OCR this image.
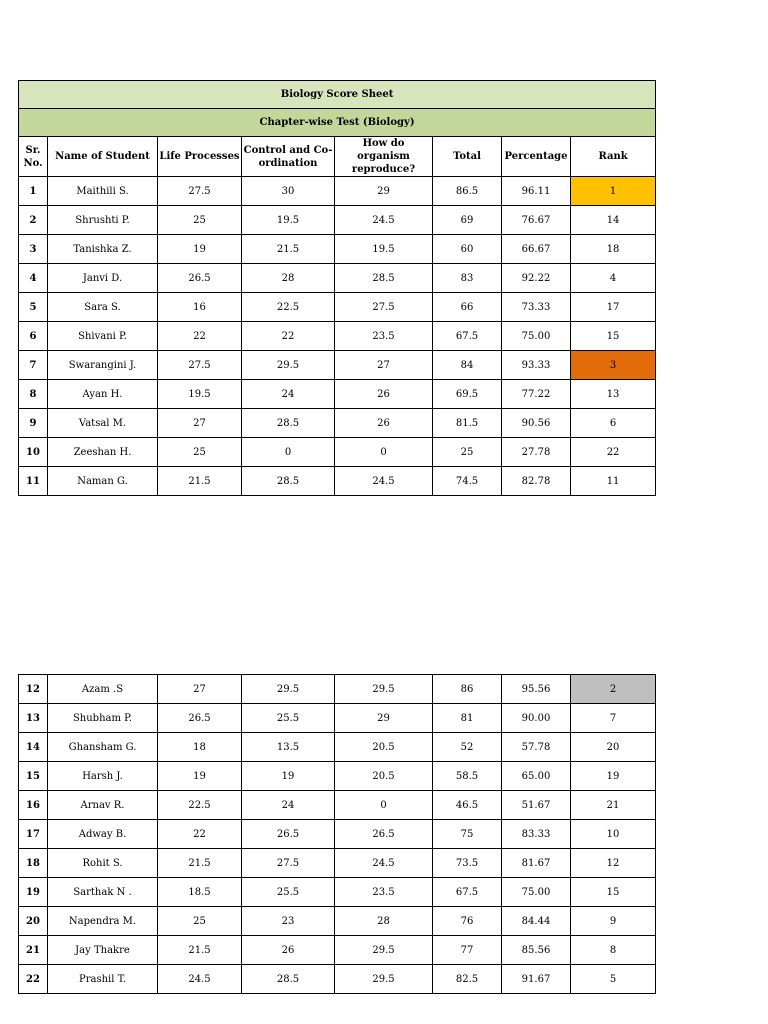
Biology Score Sheet							
Chapter-wise Test (Biology)							
Sr. No.	Name of Student	Life Processes	Control and Co-ordination	How do organism reproduce?	Total	Percentage	Rank
1	Maithili S.	27.5	30	29	86.5	96.11	1
2	Shrushti P.	25	19.5	24.5	69	76.67	14
3	Tanishka Z.	19	21.5	19.5	60	66.67	18
4	Janvi D.	26.5	28	28.5	83	92.22	4
5	Sara S.	16	22.5	27.5	66	73.33	17
6	Shivani P.	22	22	23.5	67.5	75.00	15
7	Swarangini J.	27.5	29.5	27	84	93.33	3
8	Ayan H.	19.5	24	26	69.5	77.22	13
9	Vatsal M.	27	28.5	26	81.5	90.56	6
10	Zeeshan H.	25	0	0	25	27.78	22
11	Naman G.	21.5	28.5	24.5	74.5	82.78	11
12	Azam .S	27	29.5	29.5	86	95.56	2
13	Shubham P.	26.5	25.5	29	81	90.00	7
14	Ghansham G.	18	13.5	20.5	52	57.78	20
15	Harsh J.	19	19	20.5	58.5	65.00	19
16	Arnav R.	22.5	24	0	46.5	51.67	21
17	Adway B.	22	26.5	26.5	75	83.33	10
18	Rohit S.	21.5	27.5	24.5	73.5	81.67	12
19	Sarthak N .	18.5	25.5	23.5	67.5	75.00	15
20	Napendra M.	25	23	28	76	84.44	9
21	Jay Thakre	21.5	26	29.5	77	85.56	8
22	Prashil T.	24.5	28.5	29.5	82.5	91.67	5
